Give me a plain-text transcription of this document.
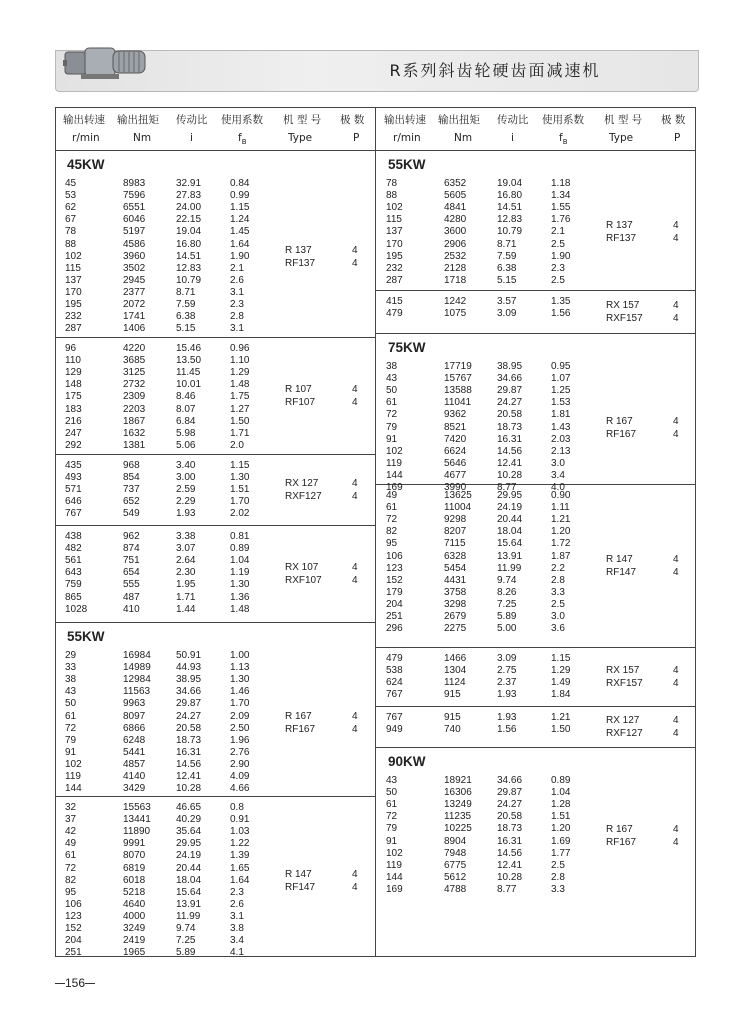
R系列斜齿轮硬齿面减速机
输出转速 输出扭矩 传动比 使用系数 机 型 号 极 数
r/min	Nm	i	$f_B$	Type	P
45KW
45	8983	32.91	0.84
53	7596	27.83	0.99
62	6551	24.00	1.15
67	6046	22.15	1.24
78	5197	19.04	1.45
88	4586	16.80	1.64
102	3960	14.51	1.90
115	3502	12.83	2.1
137	2945	10.79	2.6
170	2377	8.71	3.1
195	2072	7.59	2.3
232	1741	6.38	2.8
287	1406	5.15	3.1
R 137	4
RF137	4
96	4220	15.46	0.96
110	3685	13.50	1.10
129	3125	11.45	1.29
148	2732	10.01	1.48
175	2309	8.46	1.75
183	2203	8.07	1.27
216	1867	6.84	1.50
247	1632	5.98	1.71
292	1381	5.06	2.0
R 107	4
RF107	4
435	968	3.40	1.15
493	854	3.00	1.30
571	737	2.59	1.51
646	652	2.29	1.70
767	549	1.93	2.02
RX 127	4
RXF127	4
438	962	3.38	0.81
482	874	3.07	0.89
561	751	2.64	1.04
643	654	2.30	1.19
759	555	1.95	1.30
865	487	1.71	1.36
1028	410	1.44	1.48
RX 107	4
RXF107	4
55KW
29	16984	50.91	1.00
33	14989	44.93	1.13
38	12984	38.95	1.30
43	11563	34.66	1.46
50	9963	29.87	1.70
61	8097	24.27	2.09
72	6866	20.58	2.50
79	6248	18.73	1.96
91	5441	16.31	2.76
102	4857	14.56	2.90
119	4140	12.41	4.09
144	3429	10.28	4.66
R 167	4
RF167	4
32	15563	46.65	0.8
37	13441	40.29	0.91
42	11890	35.64	1.03
49	9991	29.95	1.22
61	8070	24.19	1.39
72	6819	20.44	1.65
82	6018	18.04	1.64
95	5218	15.64	2.3
106	4640	13.91	2.6
123	4000	11.99	3.1
152	3249	9.74	3.8
204	2419	7.25	3.4
251	1965	5.89	4.1
R 147	4
RF147	4
输出转速 输出扭矩 传动比 使用系数 机 型 号 极 数
r/min	Nm	i	$f_B$	Type	P
55KW
78	6352	19.04	1.18
88	5605	16.80	1.34
102	4841	14.51	1.55
115	4280	12.83	1.76
137	3600	10.79	2.1
170	2906	8.71	2.5
195	2532	7.59	1.90
232	2128	6.38	2.3
287	1718	5.15	2.5
R 137	4
RF137	4
415	1242	3.57	1.35
479	1075	3.09	1.56
RX 157	4
RXF157	4
75KW
38	17719	38.95	0.95
43	15767	34.66	1.07
50	13588	29.87	1.25
61	11041	24.27	1.53
72	9362	20.58	1.81
79	8521	18.73	1.43
91	7420	16.31	2.03
102	6624	14.56	2.13
119	5646	12.41	3.0
144	4677	10.28	3.4
169	3990	8.77	4.0
R 167	4
RF167	4
49	13625	29.95	0.90
61	11004	24.19	1.11
72	9298	20.44	1.21
82	8207	18.04	1.20
95	7115	15.64	1.72
106	6328	13.91	1.87
123	5454	11.99	2.2
152	4431	9.74	2.8
179	3758	8.26	3.3
204	3298	7.25	2.5
251	2679	5.89	3.0
296	2275	5.00	3.6
R 147	4
RF147	4
479	1466	3.09	1.15
538	1304	2.75	1.29
624	1124	2.37	1.49
767	915	1.93	1.84
RX 157	4
RXF157	4
767	915	1.93	1.21
949	740	1.56	1.50
RX 127	4
RXF127	4
90KW
43	18921	34.66	0.89
50	16306	29.87	1.04
61	13249	24.27	1.28
72	11235	20.58	1.51
79	10225	18.73	1.20
91	8904	16.31	1.69
102	7948	14.56	1.77
119	6775	12.41	2.5
144	5612	10.28	2.8
169	4788	8.77	3.3
R 167	4
RF167	4
156
